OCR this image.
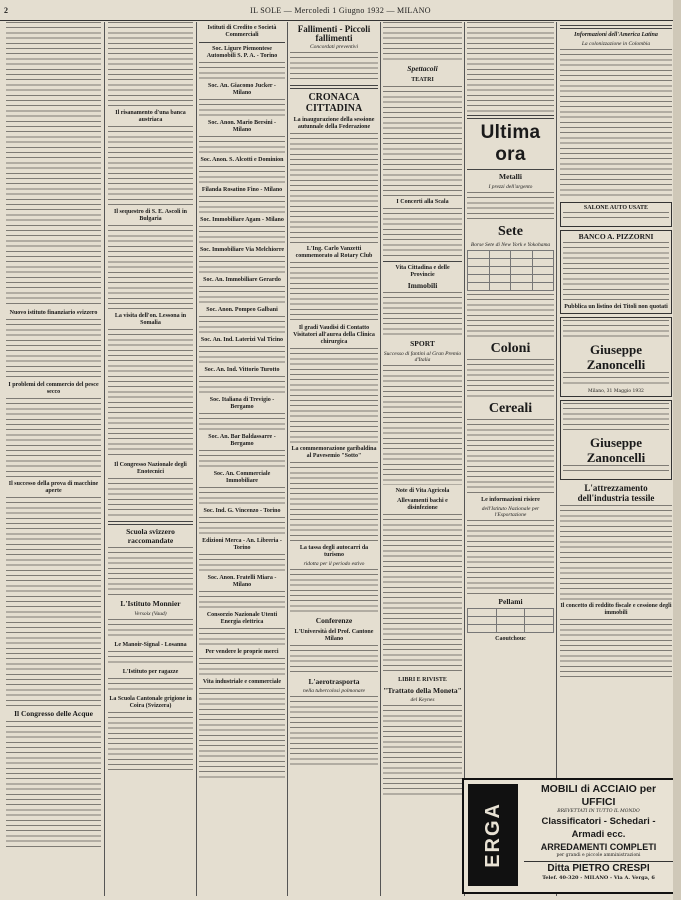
2	IL SOLE — Mercoledì 1 Giugno 1932 — MILANO

Nuovo istituto finanziario svizzero

I problemi del commercio del pesce secco

Il successo della prova di macchine aperte

Il Congresso delle Acque

Il risanamento d'una banca austriaca

Il sequestro di S. E. Ascoli in Bulgaria

La visita dell'on. Lessona in Somalia

Il Congresso Nazionale degli Enotecnici

Scuola svizzero raccomandate

L'Istituto Monnier
Versoix (Vaud)

Le Manoir-Signal - Losanna

L'Istituto per ragazze

La Scuola Cantonale grigione in Coira (Svizzera)

Istituti di Credito e Società Commerciali
Soc. Ligure Piemontese Automobili S. P. A. - Torino

Soc. An. Giacomo Jucker - Milano

Soc. Anon. Mario Bersini - Milano

Soc. Anon. S. Alcotti e Dominion

Filanda Rosatino Fino - Milano

Soc. Immobiliare Agam - Milano

Soc. Immobiliare Via Melchiorre

Soc. An. Immobiliare Gerardo

Soc. Anon. Pompeo Galbani

Soc. An. Ind. Laterizi Val Ticino

Soc. An. Ind. Vittorio Turotto

Soc. Italiana di Trevigio - Bergamo

Soc. An. Bar Baldassarre - Bergamo

Soc. An. Commerciale Immobiliare

Soc. Ind. G. Vincenzo - Torino

Edizioni Merca - An. Libreria - Torino

Soc. Anon. Fratelli Miara - Milano

Consorzio Nazionale Utenti Energia elettrica

Per vendere le proprie merci

Vita industriale e commerciale

Fallimenti - Piccoli fallimenti
Concordati preventivi

CRONACA CITTADINA
La inaugurazione della sessione autunnale della Federazione

L'Ing. Carlo Vanzetti commemorato al Rotary Club

Il gradi Vaudisi di Contatto Visitatori all'aurea della Clinica chirurgica

La commemorazione garibaldina al Pavesemio "Sotto"

La tassa degli autocarri da turismo
ridotta per il periodo estivo

Conferenze
L'Università del Prof. Cantone Milano

L'aerotrasporta
nella tubercolosi polmonare

Spettacoli
TEATRI

I Concerti alla Scala

Vita Cittadina e delle Provincie
Immobili

SPORT
Successo di fantini al Gran Premio d'Italia

Note di Vita Agricola
Allevamenti bachi e disinfezione

LIBRI E RIVISTE
"Trattato della Moneta"
del Keynes

Ultima ora
Metalli
I prezzi dell'argento

Sete
Borse Sete di New York e Yokohama

Coloni

Cereali

Le informazioni risiere
dell'Istituto Nazionale per l'Esportazione

Pellami

Caoutchouc
Informazioni dell'America Latina
La colonizzazione in Colombia

SALONE AUTO USATE

BANCO A. PIZZORNI

Pubblica un listino dei Titoli non quotati

Giuseppe Zanoncelli

Milano, 31 Maggio 1932

Giuseppe Zanoncelli

L'attrezzamento dell'industria tessile

Il concetto di reddito fiscale e cessione degli immobili

ERGA
MOBILI di ACCIAIO per UFFICI
BREVETTATI IN TUTTO IL MONDO
Classificatori - Schedari - Armadi ecc.
ARREDAMENTI COMPLETI
per grandi e piccole amministrazioni
Ditta PIETRO CRESPI
Telef. 40-320 - MILANO - Via A. Verga, 6
